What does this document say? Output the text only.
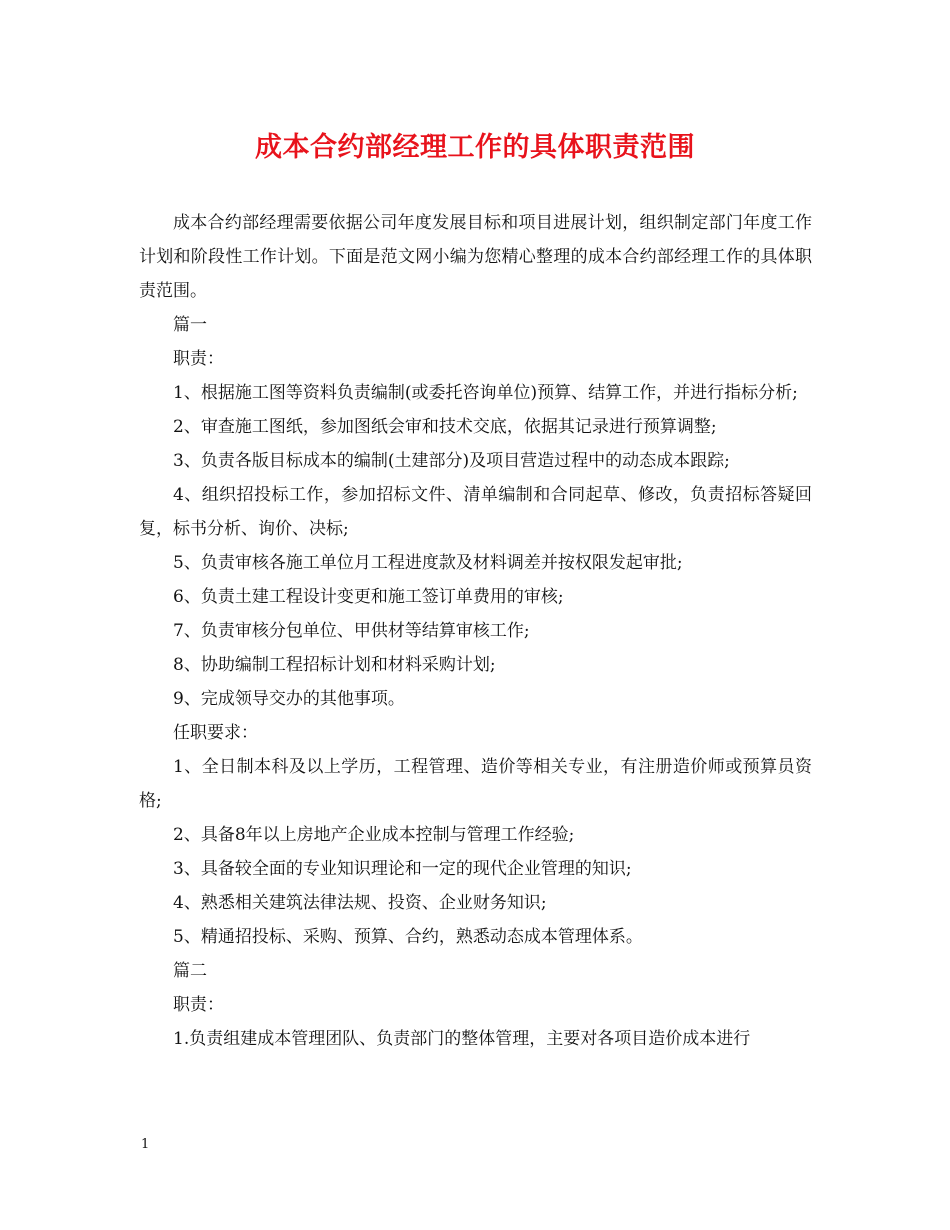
成本合约部经理工作的具体职责范围

成本合约部经理需要依据公司年度发展目标和项目进展计划，组织制定部门年度工作计划和阶段性工作计划。下面是范文网小编为您精心整理的成本合约部经理工作的具体职责范围。

篇一

职责：

1、根据施工图等资料负责编制(或委托咨询单位)预算、结算工作，并进行指标分析;

2、审查施工图纸，参加图纸会审和技术交底，依据其记录进行预算调整;

3、负责各版目标成本的编制(土建部分)及项目营造过程中的动态成本跟踪;

4、组织招投标工作，参加招标文件、清单编制和合同起草、修改，负责招标答疑回复，标书分析、询价、决标;

5、负责审核各施工单位月工程进度款及材料调差并按权限发起审批;

6、负责土建工程设计变更和施工签订单费用的审核;

7、负责审核分包单位、甲供材等结算审核工作;

8、协助编制工程招标计划和材料采购计划;

9、完成领导交办的其他事项。

任职要求：

1、全日制本科及以上学历，工程管理、造价等相关专业，有注册造价师或预算员资格;

2、具备8年以上房地产企业成本控制与管理工作经验;

3、具备较全面的专业知识理论和一定的现代企业管理的知识;

4、熟悉相关建筑法律法规、投资、企业财务知识;

5、精通招投标、采购、预算、合约，熟悉动态成本管理体系。

篇二

职责：

1.负责组建成本管理团队、负责部门的整体管理，主要对各项目造价成本进行

1
